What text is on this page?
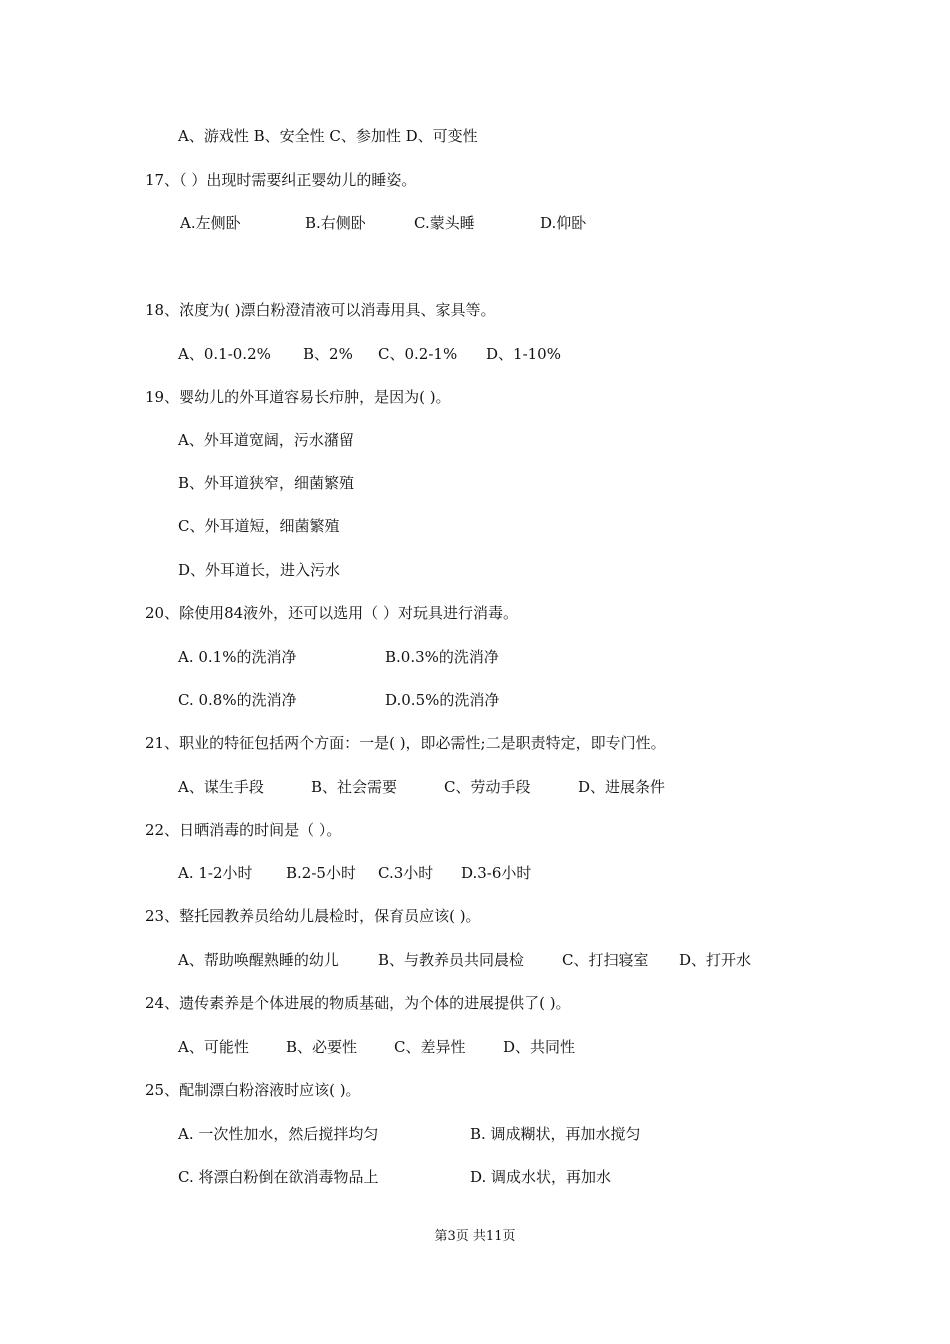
A、游戏性 B、安全性 C、参加性 D、可变性
17、（ ）出现时需要纠正婴幼儿的睡姿。
A.左侧卧	B.右侧卧	C.蒙头睡	D.仰卧
18、浓度为( )漂白粉澄清液可以消毒用具、家具等。
A、0.1-0.2% B、2% C、0.2-1% D、1-10%
19、婴幼儿的外耳道容易长疖肿，是因为( )。
A、外耳道宽阔，污水潴留
B、外耳道狭窄，细菌繁殖
C、外耳道短，细菌繁殖
D、外耳道长，进入污水
20、除使用84液外，还可以选用（ ）对玩具进行消毒。
A. 0.1%的洗消净	B.0.3%的洗消净
C. 0.8%的洗消净	D.0.5%的洗消净
21、职业的特征包括两个方面：一是( )，即必需性;二是职责特定，即专门性。
A、谋生手段	B、社会需要	C、劳动手段	D、进展条件
22、日晒消毒的时间是（ ）。
A. 1-2小时 B.2-5小时 C.3小时 D.3-6小时
23、整托园教养员给幼儿晨检时，保育员应该( )。
A、帮助唤醒熟睡的幼儿	B、与教养员共同晨检	C、打扫寝室 D、打开水
24、遗传素养是个体进展的物质基础，为个体的进展提供了( )。
A、可能性 B、必要性 C、差异性	D、共同性
25、配制漂白粉溶液时应该( )。
A. 一次性加水，然后搅拌均匀	B. 调成糊状，再加水搅匀
C. 将漂白粉倒在欲消毒物品上	D. 调成水状，再加水
第3页 共11页
